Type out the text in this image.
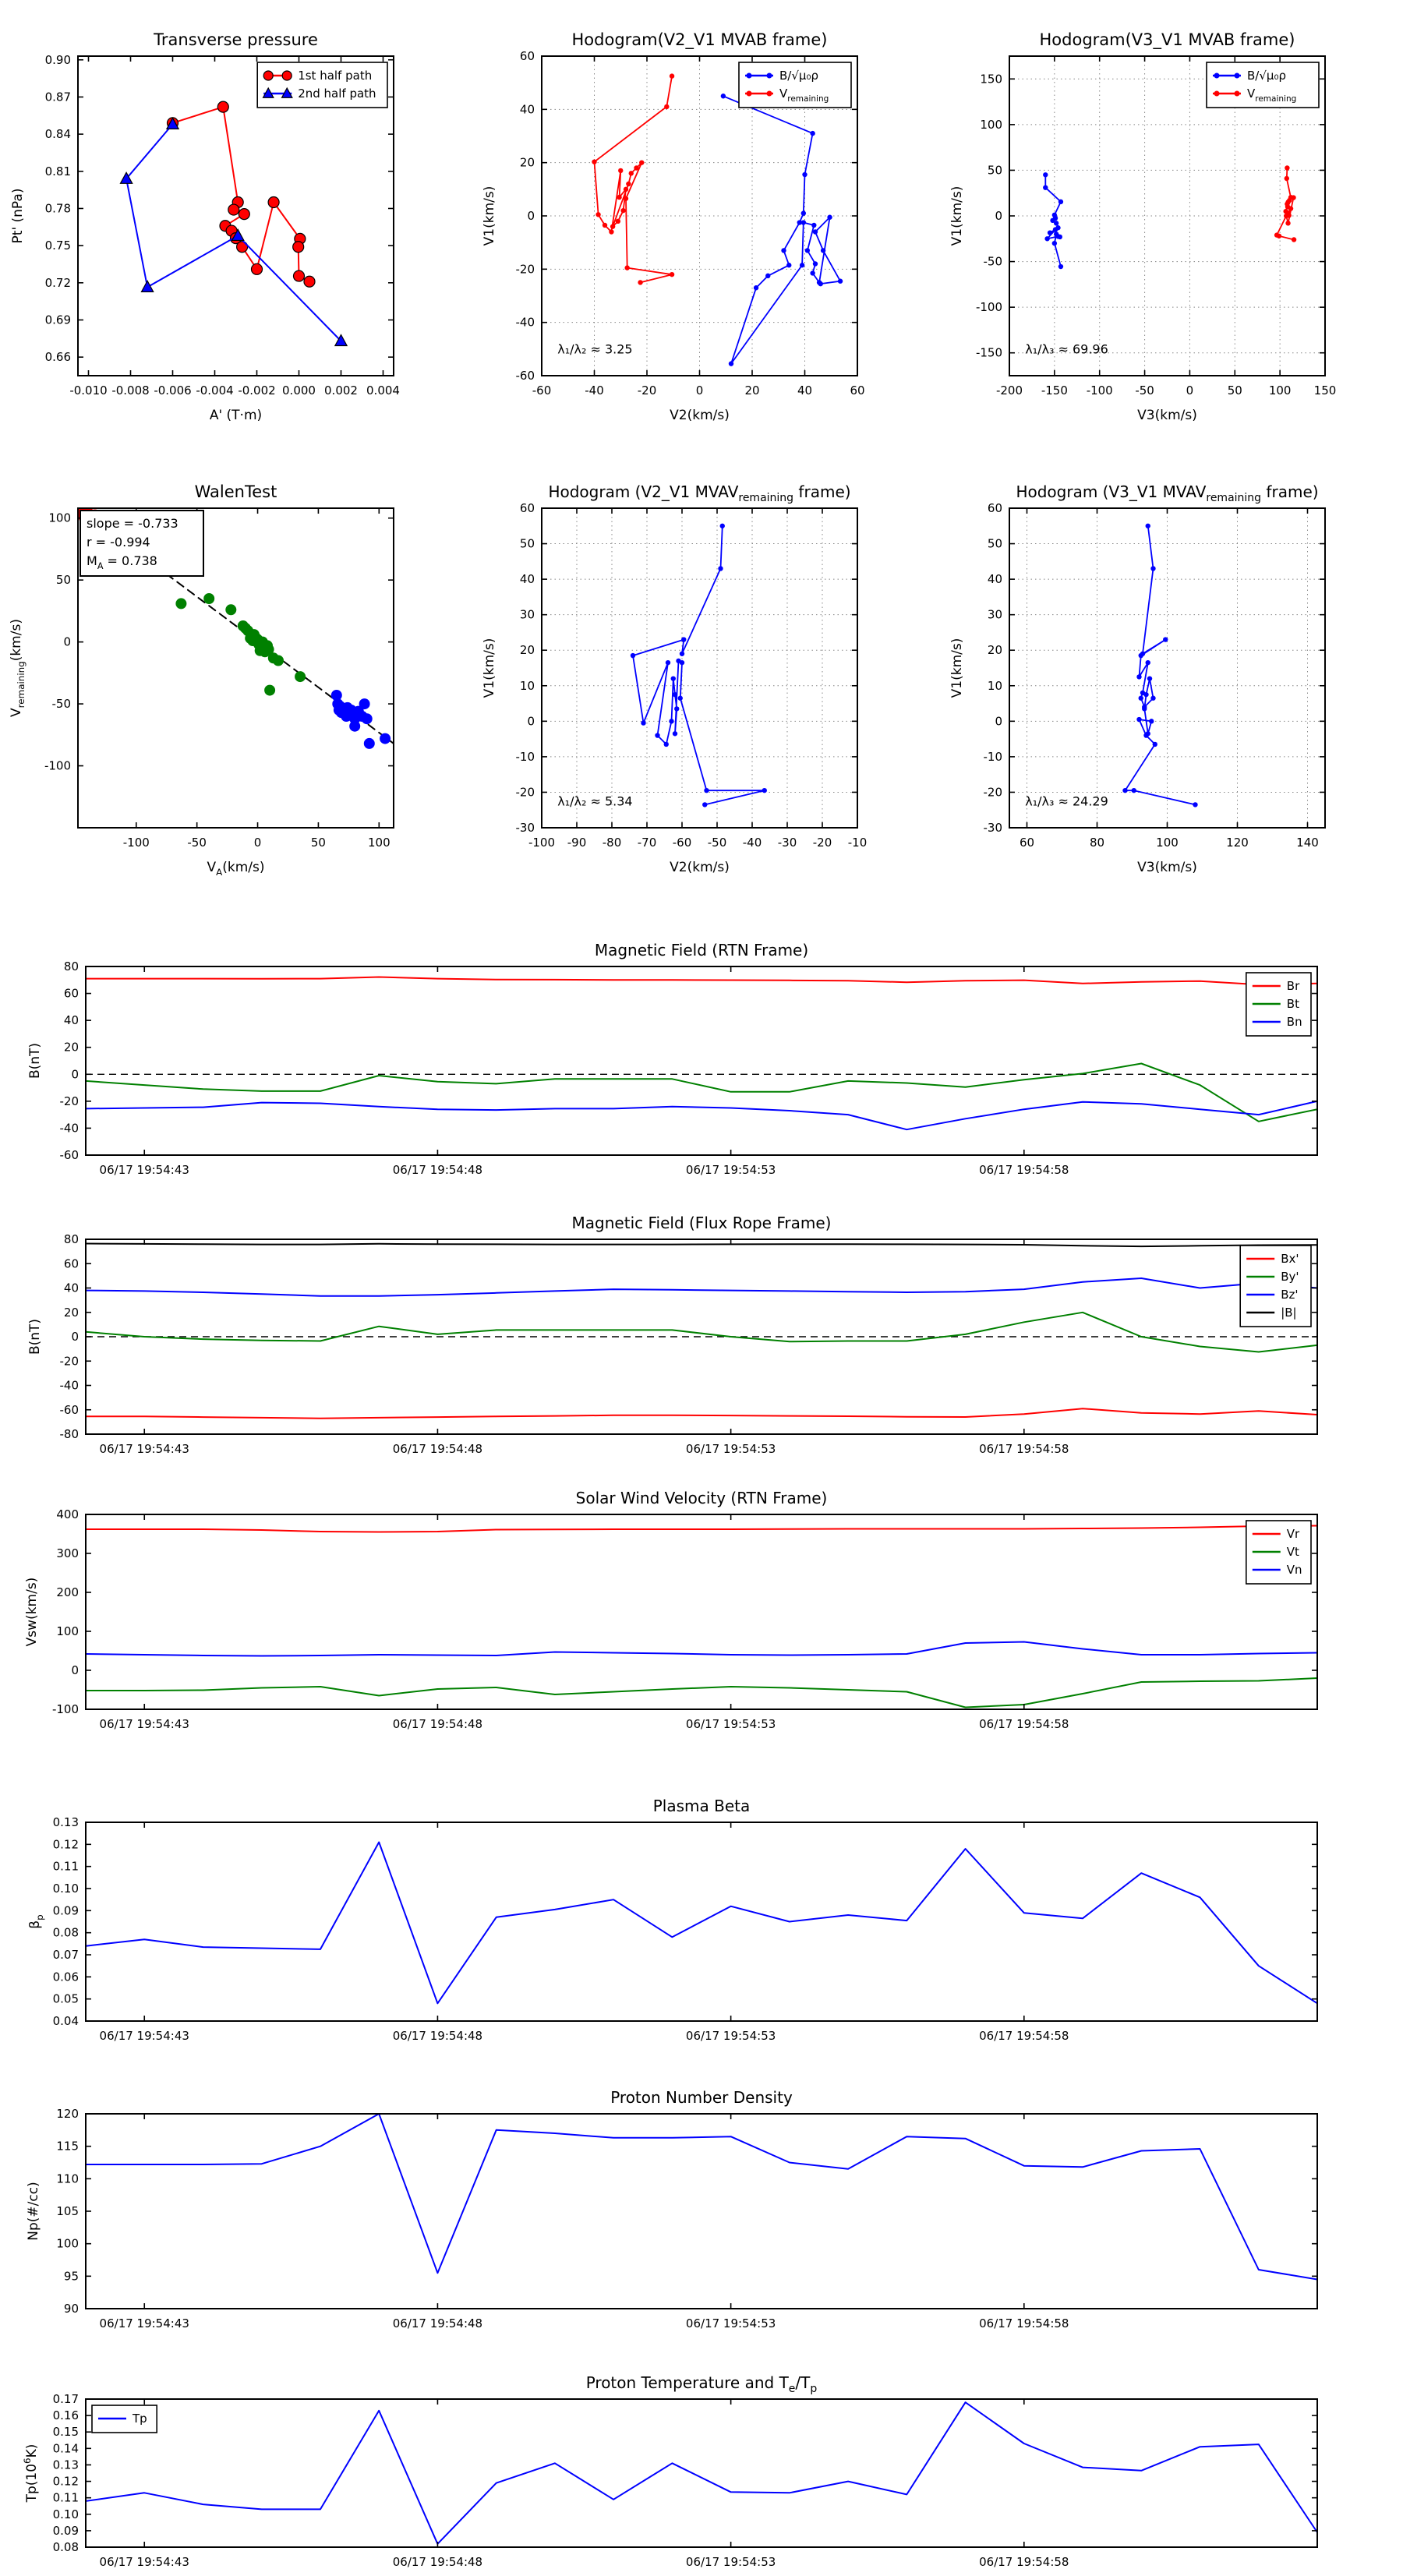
-0.010 -0.008 -0.006 -0.004 -0.002 0.000 0.002 0.004
0.66
0.69
0.72
0.75
0.78
0.81
0.84
0.87
0.90
1st half path
2nd half path
Transverse pressure
A' (T·m)
Pt' (nPa)
-60	-40	-20	0	20	40	60
-60
-40
-20
0
20
40
60
λ₁/λ₂ ≈ 3.25
B/√μ₀ρ
$V_{remaining}$
Hodogram(V2_V1 MVAB frame)
V2(km/s)
V1(km/s)
-200 -150 -100 -50	0	50 100 150
-150
-100
-50
0
50
100
150
λ₁/λ₃ ≈ 69.96
B/√μ₀ρ
$V_{remaining}$
Hodogram(V3_V1 MVAB frame)
V3(km/s)
V1(km/s)
-100	-50	0	50	100
-100
-50
0
50
100 slope = -0.733
r = -0.994
$M_A = 0.738$
WalenTest
$V_A(km/s)$
$V_{remaining}(km/s)$
-100 -90 -80 -70 -60 -50 -40 -30 -20 -10
-30
-20
-10
0
10
20
30
40
50
60
λ₁/λ₂ ≈ 5.34
Hodogram (V2_V1 $MVAV_{remaining}$ frame)
V2(km/s)
V1(km/s)
60	80	100	120	140
-30
-20
-10
0
10
20
30
40
50
60
λ₁/λ₃ ≈ 24.29
Hodogram (V3_V1 $MVAV_{remaining}$ frame)
V3(km/s)
V1(km/s)
06/17 19:54:43	06/17 19:54:48	06/17 19:54:53	06/17 19:54:58
-60
-40
-20
0
20
40
60
80
Br
Bt
Bn
Magnetic Field (RTN Frame)
B(nT)
06/17 19:54:43	06/17 19:54:48	06/17 19:54:53	06/17 19:54:58
-80
-60
-40
-20
0
20
40
60
80
Bx'
By'
Bz'
|B|
Magnetic Field (Flux Rope Frame)
B(nT)
06/17 19:54:43	06/17 19:54:48	06/17 19:54:53	06/17 19:54:58
-100
0
100
200
300
400
Vr
Vt
Vn
Solar Wind Velocity (RTN Frame)
Vsw(km/s)
06/17 19:54:43	06/17 19:54:48	06/17 19:54:53	06/17 19:54:58
0.04
0.05
0.06
0.07
0.08
0.09
0.10
0.11
0.12
0.13
Plasma Beta
$\beta_p$
06/17 19:54:43	06/17 19:54:48	06/17 19:54:53	06/17 19:54:58
90
95
100
105
110
115
120
Proton Number Density
Np(#/cc)
06/17 19:54:43	06/17 19:54:48	06/17 19:54:53	06/17 19:54:58
0.08
0.09
0.10
0.11
0.12
0.13
0.14
0.15
0.16
0.17
Tp
Proton Temperature and $T_e/T_p$
$Tp(10^6K)$
